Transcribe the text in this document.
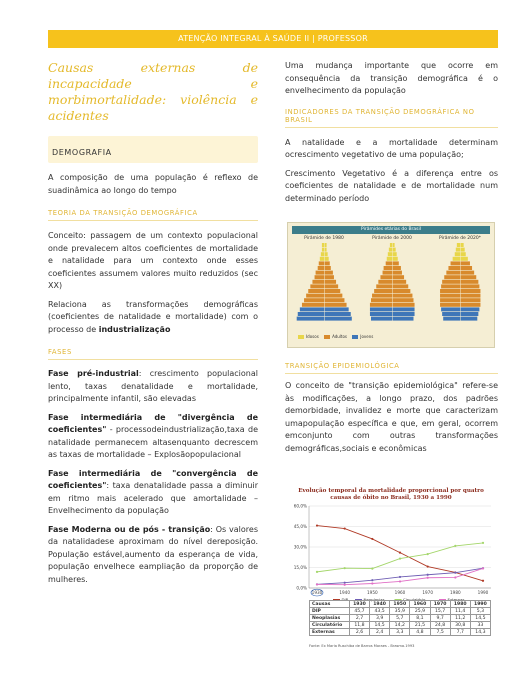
ATENÇÃO INTEGRAL À SAÚDE II | PROFESSOR
Causas externas de incapacidade e morbimortalidade: violência e acidentes
DEMOGRAFIA

A composição de uma população é reflexo de suadinâmica ao longo do tempo

TEORIA DA TRANSIÇÃO DEMOGRÁFICA

Conceito: passagem de um contexto populacional onde prevalecem altos coeficientes de mortalidade e natalidade para um contexto onde esses coeficientes assumem valores muito reduzidos (sec XX)

Relaciona as transformações demográficas (coeficientes de natalidade e mortalidade) com o processo de industrialização

FASES

Fase pré-industrial: crescimento populacional lento, taxas denatalidade e mortalidade, principalmente infantil, são elevadas

Fase intermediária de "divergência de coeficientes" - processodeindustrialização,taxa de natalidade permanecem altasenquanto decrescem as taxas de mortalidade – Explosãopopulacional

Fase intermediária de "convergência de coeficientes": taxa denatalidade passa a diminuir em ritmo mais acelerado que amortalidade – Envelhecimento da população

Fase Moderna ou de pós - transição: Os valores da natalidadese aproximam do nível dereposição. População estável,aumento da esperança de vida, população envelhece eampliação da proporção de mulheres.

Uma mudança importante que ocorre em consequência da transição demográfica é o envelhecimento da população

INDICADORES DA TRANSIÇÃO DEMOGRÁFICA NO BRASIL

A natalidade e a mortalidade determinam ocrescimento vegetativo de uma população;

Crescimento Vegetativo é a diferença entre os coeficientes de natalidade e de mortalidade num determinado período

TRANSIÇÃO EPIDEMIOLÓGICA

O conceito de "transição epidemiológica" refere-se às modificações, a longo prazo, dos padrões demorbidade, invalidez e morte que caracterizam umapopulação específica e que, em geral, ocorrem emconjunto com outras transformações demográficas,sociais e econômicas

Pirâmides etárias do Brasil
Pirâmide de 1980	Pirâmide de 2000	Pirâmide de 2020*
Idosos	Adultos	Jovens
Evolução temporal da mortalidade proporcional por quatro causas de óbito no Brasil, 1930 a 1990
0,0%
15,0%
30,0%
45,0%
60,0%
1930	1940	1950	1960	1970	1980	1990
DIP	Neoplasias	Circulatório	Externas
Causas	1930	1940	1950	1960	1970	1980	1990
DIP	45,7	43,5	35,9	25,9	15,7	11,4	5,3
Neoplasias	2,7	3,9	5,7	8,1	9,7	11,2	14,5
Circulatório	11,8	14,5	14,2	21,5	24,8	30,8	33
Externas	2,6	2,4	3,3	4,8	7,5	7,7	14,3
Fonte: Ex Maria Ruschiba de Barros Moraes - Brasma.1993
